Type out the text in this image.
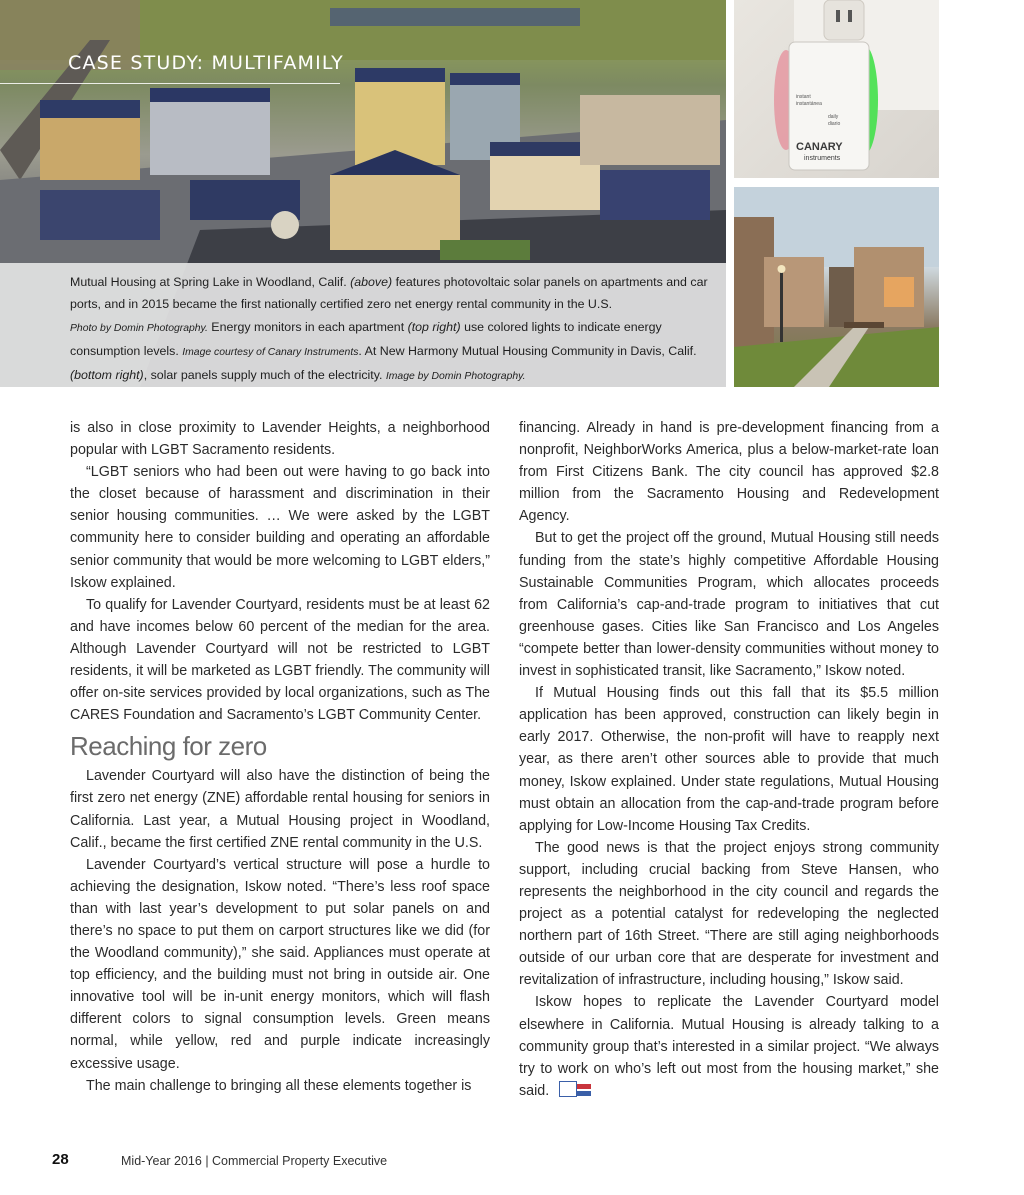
CASE STUDY: MULTIFAMILY
Mutual Housing at Spring Lake in Woodland, Calif. (above) features photovoltaic solar panels on apartments and car ports, and in 2015 became the first nationally certified zero net energy rental community in the U.S.
Photo by Domin Photography. Energy monitors in each apartment (top right) use colored lights to indicate energy consumption levels. Image courtesy of Canary Instruments. At New Harmony Mutual Housing Community in Davis, Calif. (bottom right), solar panels supply much of the electricity. Image by Domin Photography.
instant
instantánea
daily
diario
CANARY
instruments

is also in close proximity to Lavender Heights, a neighborhood popular with LGBT Sacramento residents.

“LGBT seniors who had been out were having to go back into the closet because of harassment and discrimination in their senior housing communities. … We were asked by the LGBT community here to consider building and operating an affordable senior community that would be more welcoming to LGBT elders,” Iskow explained.

To qualify for Lavender Courtyard, residents must be at least 62 and have incomes below 60 percent of the median for the area. Although Lavender Courtyard will not be restricted to LGBT residents, it will be marketed as LGBT friendly. The community will offer on-site services provided by local organizations, such as The CARES Foundation and Sacramento’s LGBT Community Center.

Reaching for zero

Lavender Courtyard will also have the distinction of being the first zero net energy (ZNE) affordable rental housing for seniors in California. Last year, a Mutual Housing project in Woodland, Calif., became the first certified ZNE rental community in the U.S.

Lavender Courtyard’s vertical structure will pose a hurdle to achieving the designation, Iskow noted. “There’s less roof space than with last year’s development to put solar panels on and there’s no space to put them on carport structures like we did (for the Woodland community),” she said. Appliances must operate at top efficiency, and the building must not bring in outside air. One innovative tool will be in-unit energy monitors, which will flash different colors to signal consumption levels. Green means normal, while yellow, red and purple indicate increasingly excessive usage.

The main challenge to bringing all these elements together is

financing. Already in hand is pre-development financing from a nonprofit, NeighborWorks America, plus a below-market-rate loan from First Citizens Bank. The city council has approved $2.8 million from the Sacramento Housing and Redevelopment Agency.

But to get the project off the ground, Mutual Housing still needs funding from the state’s highly competitive Affordable Housing Sustainable Communities Program, which allocates proceeds from California’s cap-and-trade program to initiatives that cut greenhouse gases. Cities like San Francisco and Los Angeles “compete better than lower-density communities without money to invest in sophisticated transit, like Sacramento,” Iskow noted.

If Mutual Housing finds out this fall that its $5.5 million application has been approved, construction can likely begin in early 2017. Otherwise, the non-profit will have to reapply next year, as there aren’t other sources able to provide that much money, Iskow explained. Under state regulations, Mutual Housing must obtain an allocation from the cap-and-trade program before applying for Low-Income Housing Tax Credits.

The good news is that the project enjoys strong community support, including crucial backing from Steve Hansen, who represents the neighborhood in the city council and regards the project as a potential catalyst for redeveloping the neglected northern part of 16th Street. “There are still aging neighborhoods outside of our urban core that are desperate for investment and revitalization of infrastructure, including housing,” Iskow said.

Iskow hopes to replicate the Lavender Courtyard model elsewhere in California. Mutual Housing is already talking to a community group that’s interested in a similar project. “We always try to work on who’s left out most from the housing market,” she said.

28	Mid-Year 2016 | Commercial Property Executive
